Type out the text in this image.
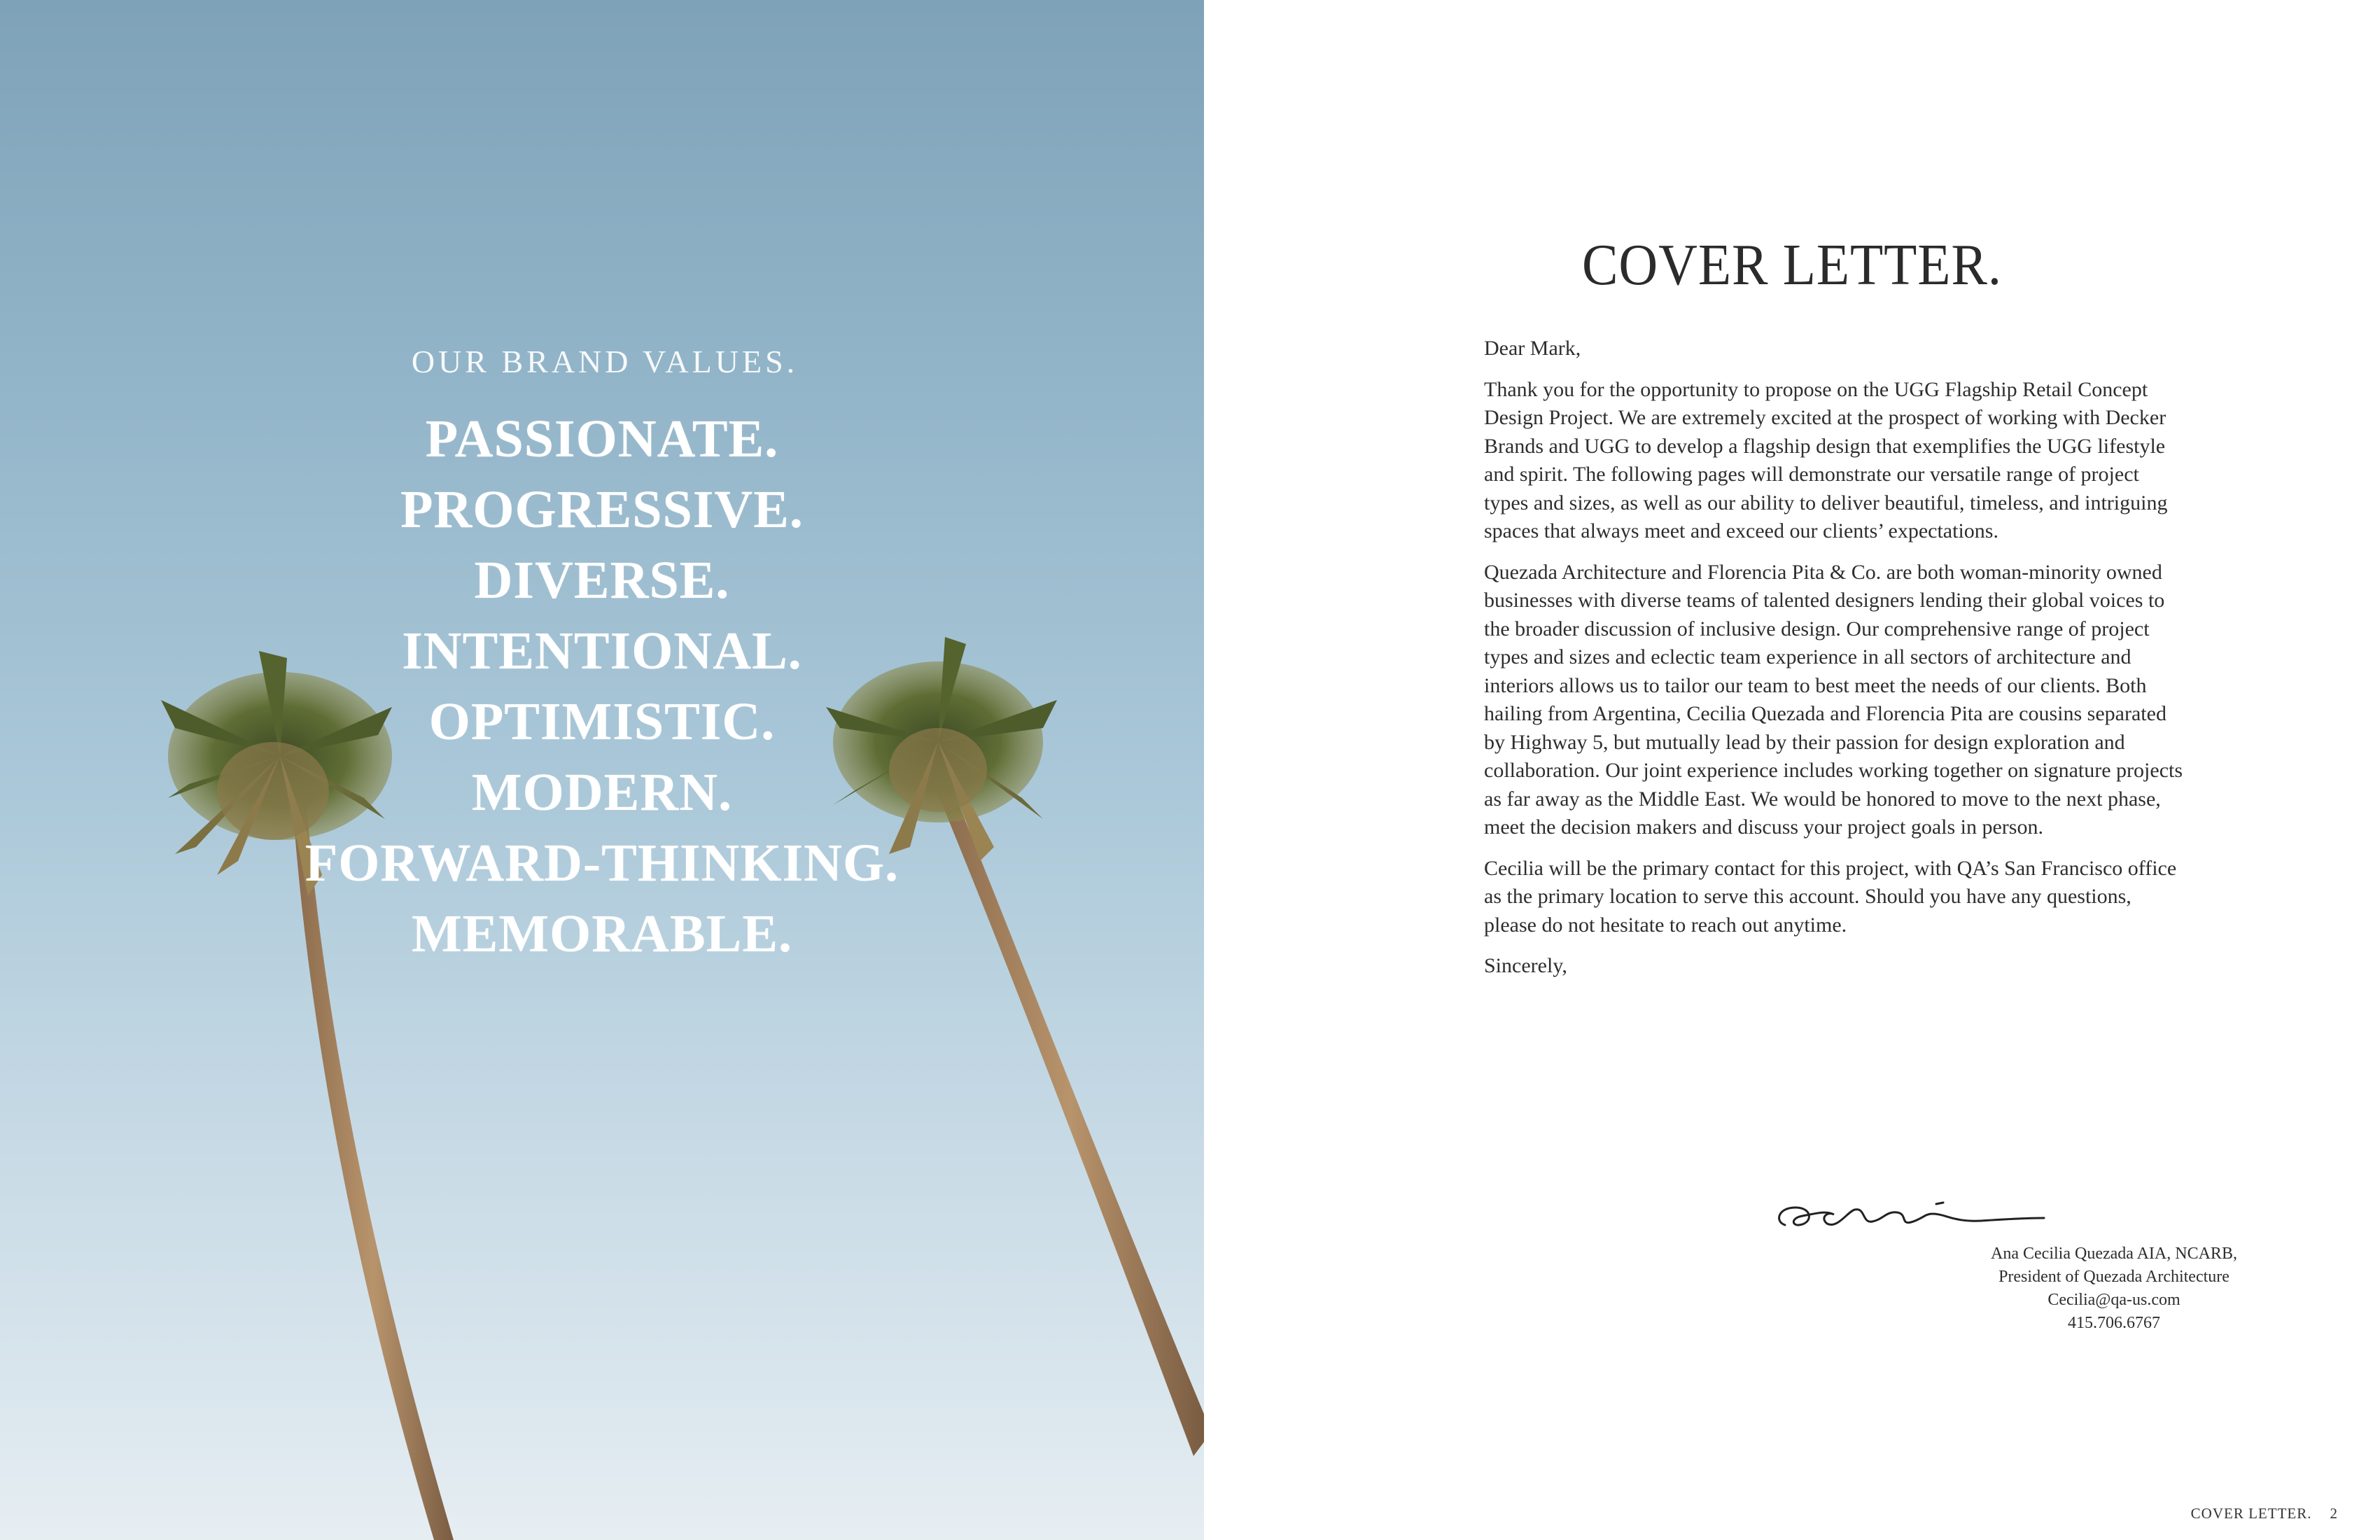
OUR BRAND VALUES.
PASSIONATE.
PROGRESSIVE.
DIVERSE.
INTENTIONAL.
OPTIMISTIC.
MODERN.
FORWARD-THINKING.
MEMORABLE.
COVER LETTER.

Dear Mark,

Thank you for the opportunity to propose on the UGG Flagship Retail Concept Design Project. We are extremely excited at the prospect of working with Decker Brands and UGG to develop a flagship design that exemplifies the UGG lifestyle and spirit. The following pages will demonstrate our versatile range of project types and sizes, as well as our ability to deliver beautiful, timeless, and intriguing spaces that always meet and exceed our clients’ expectations.

Quezada Architecture and Florencia Pita & Co. are both woman-minority owned businesses with diverse teams of talented designers lending their global voices to the broader discussion of inclusive design. Our comprehensive range of project types and sizes and eclectic team experience in all sectors of architecture and interiors allows us to tailor our team to best meet the needs of our clients. Both hailing from Argentina, Cecilia Quezada and Florencia Pita are cousins separated by Highway 5, but mutually lead by their passion for design exploration and collaboration. Our joint experience includes working together on signature projects as far away as the Middle East. We would be honored to move to the next phase, meet the decision makers and discuss your project goals in person.

Cecilia will be the primary contact for this project, with QA’s San Francisco office as the primary location to serve this account. Should you have any questions, please do not hesitate to reach out anytime.

Sincerely,

Ana Cecilia Quezada AIA, NCARB,
President of Quezada Architecture
Cecilia@qa-us.com
415.706.6767
COVER LETTER. 2
